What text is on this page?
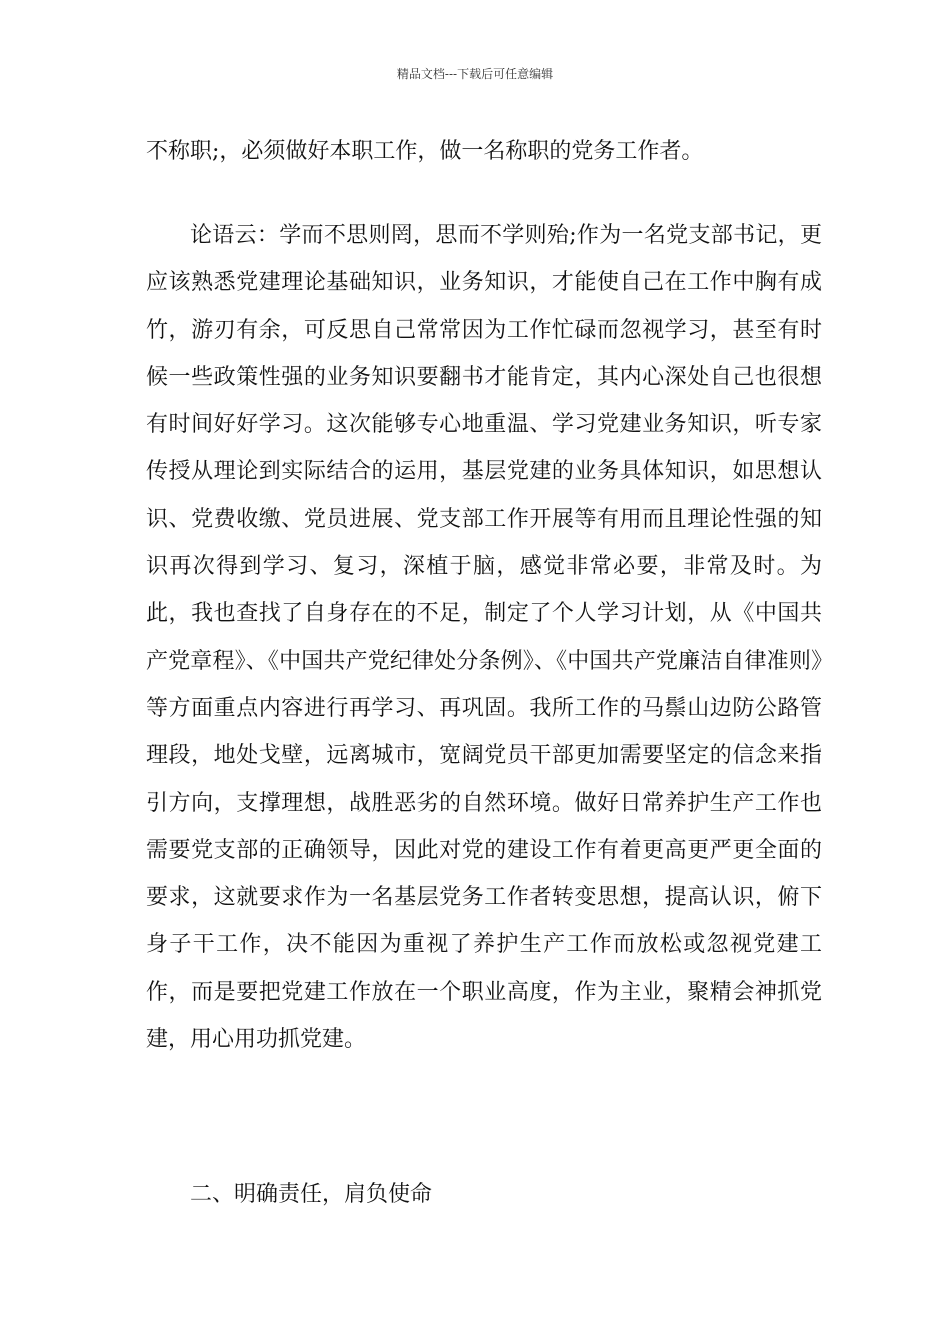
精品文档---下载后可任意编辑

不称职;，必须做好本职工作，做一名称职的党务工作者。

论语云：学而不思则罔，思而不学则殆;作为一名党支部书记，更应该熟悉党建理论基础知识，业务知识，才能使自己在工作中胸有成竹，游刃有余，可反思自己常常因为工作忙碌而忽视学习，甚至有时候一些政策性强的业务知识要翻书才能肯定，其内心深处自己也很想有时间好好学习。这次能够专心地重温、学习党建业务知识，听专家传授从理论到实际结合的运用，基层党建的业务具体知识，如思想认识、党费收缴、党员进展、党支部工作开展等有用而且理论性强的知识再次得到学习、复习，深植于脑，感觉非常必要，非常及时。为此，我也查找了自身存在的不足，制定了个人学习计划，从《中国共产党章程》、《中国共产党纪律处分条例》、《中国共产党廉洁自律准则》等方面重点内容进行再学习、再巩固。我所工作的马鬃山边防公路管理段，地处戈壁，远离城市，宽阔党员干部更加需要坚定的信念来指引方向，支撑理想，战胜恶劣的自然环境。做好日常养护生产工作也需要党支部的正确领导，因此对党的建设工作有着更高更严更全面的要求，这就要求作为一名基层党务工作者转变思想，提高认识，俯下身子干工作，决不能因为重视了养护生产工作而放松或忽视党建工作，而是要把党建工作放在一个职业高度，作为主业，聚精会神抓党建，用心用功抓党建。

二、明确责任，肩负使命
